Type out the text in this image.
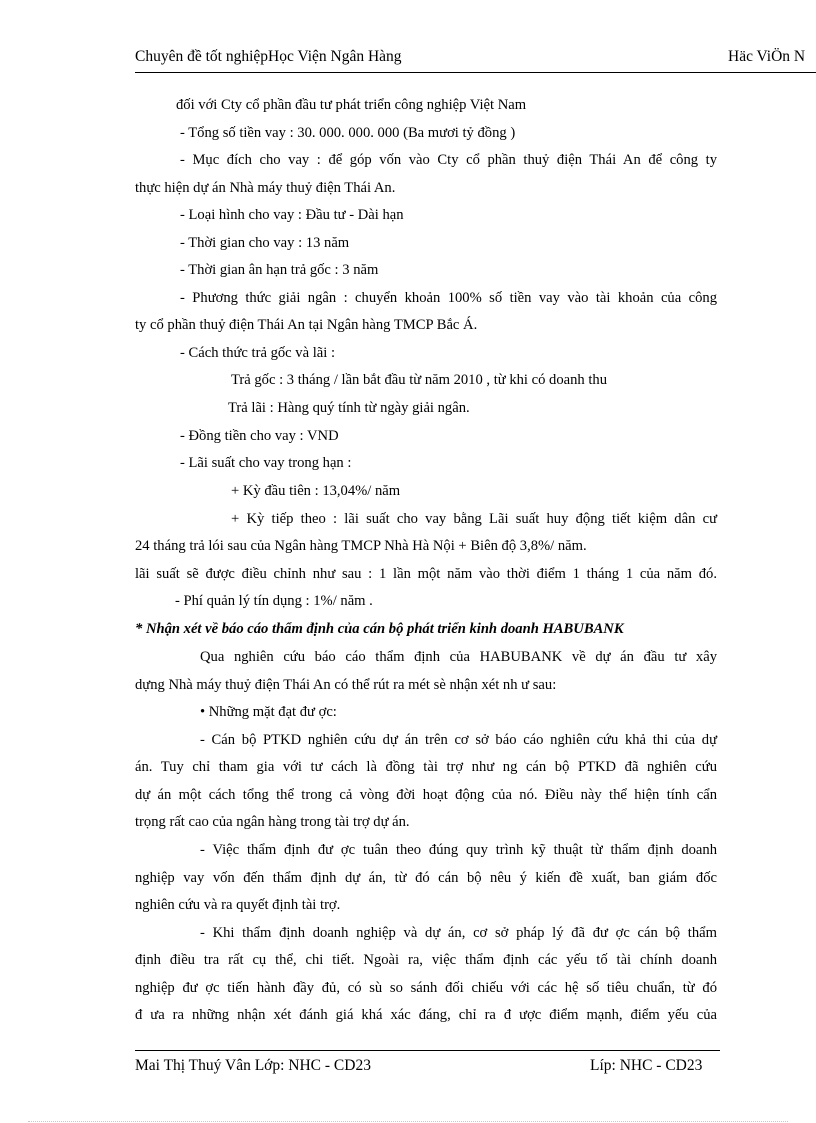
Chuyên đề tốt nghiệpHọc Viện Ngân Hàng	Häc ViÖn N
đối với Cty cổ phần đầu tư phát triển công nghiệp Việt Nam
- Tổng số tiền vay : 30. 000. 000. 000 (Ba mươi tỷ đồng )
- Mục đích cho vay : để góp vốn vào Cty cổ phần thuỷ điện Thái An để công ty
thực hiện dự án Nhà máy thuỷ điện Thái An.
- Loại hình cho vay : Đầu tư - Dài hạn
- Thời gian cho vay : 13 năm
- Thời gian ân hạn trả gốc : 3 năm
- Phương thức giải ngân : chuyển khoản 100% số tiền vay vào tài khoản của công
ty cổ phần thuỷ điện Thái An tại Ngân hàng TMCP Bắc Á.
- Cách thức trả gốc và lãi :
Trả gốc : 3 tháng / lần bắt đầu từ năm 2010 , từ khi có doanh thu
Trả lãi : Hàng quý tính từ ngày giải ngân.
- Đồng tiền cho vay : VND
- Lãi suất cho vay trong hạn :
+ Kỳ đầu tiên : 13,04%/ năm
+ Kỳ tiếp theo : lãi suất cho vay bằng Lãi suất huy động tiết kiệm dân cư
24 tháng trả lói sau của Ngân hàng TMCP Nhà Hà Nội + Biên độ 3,8%/ năm.
lãi suất sẽ được điều chỉnh như sau : 1 lần một năm vào thời điểm 1 tháng 1 của năm đó.
- Phí quản lý tín dụng : 1%/ năm .
* Nhận xét về báo cáo thẩm định của cán bộ phát triển kinh doanh HABUBANK
Qua nghiên cứu báo cáo thẩm định của HABUBANK về dự án đầu tư xây
dựng Nhà máy thuỷ điện Thái An có thể rút ra mét sè nhận xét nh ư sau:
• Những mặt đạt đư ợc:
- Cán bộ PTKD nghiên cứu dự án trên cơ sở báo cáo nghiên cứu khả thi của dự
án. Tuy chỉ tham gia với tư cách là đồng tài trợ như ng cán bộ PTKD đã nghiên cứu
dự án một cách tổng thể trong cả vòng đời hoạt động của nó. Điều này thể hiện tính cẩn
trọng rất cao của ngân hàng trong tài trợ dự án.
- Việc thẩm định đư ợc tuân theo đúng quy trình kỹ thuật từ thẩm định doanh
nghiệp vay vốn đến thẩm định dự án, từ đó cán bộ nêu ý kiến đề xuất, ban giám đốc
nghiên cứu và ra quyết định tài trợ.
- Khi thẩm định doanh nghiệp và dự án, cơ sở pháp lý đã đư ợc cán bộ thẩm
định điều tra rất cụ thể, chi tiết. Ngoài ra, việc thẩm định các yếu tố tài chính doanh
nghiệp đư ợc tiến hành đầy đủ, có sù so sánh đối chiếu với các hệ số tiêu chuẩn, từ đó
đ ưa ra những nhận xét đánh giá khá xác đáng, chỉ ra đ ược điểm mạnh, điểm yếu của
Mai Thị Thuý Vân Lớp: NHC - CD23	Líp: NHC - CD23
